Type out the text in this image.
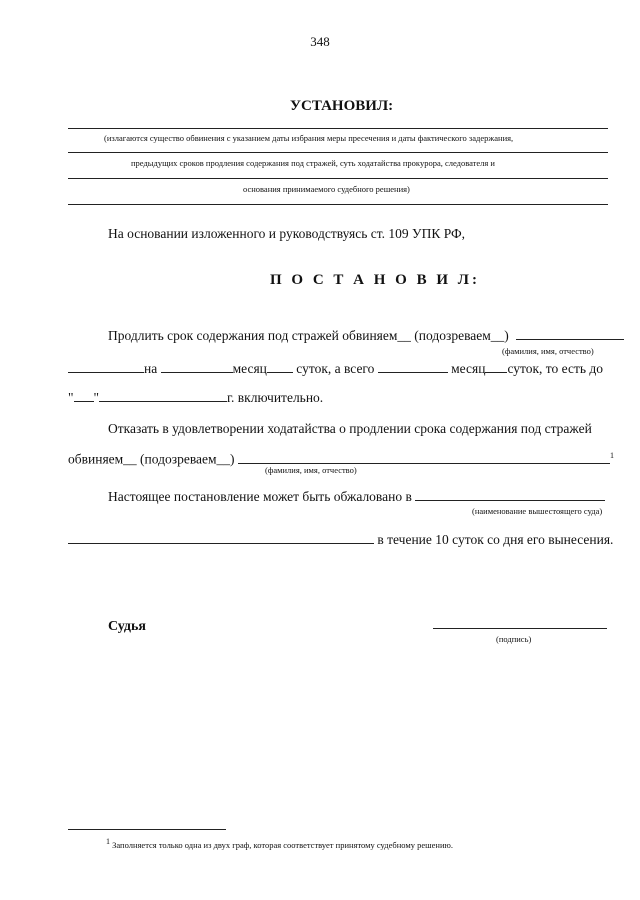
348
УСТАНОВИЛ:
(излагаются существо обвинения с указанием даты избрания меры пресечения и даты фактического задержания,
предыдущих сроков продления содержания под стражей, суть ходатайства прокурора, следователя и
основания принимаемого судебного решения)
На основании изложенного и руководствуясь ст. 109 УПК РФ,
П О С Т А Н О В И Л:
Продлить срок содержания под стражей обвиняем__ (подозреваем__)
(фамилия, имя, отчество)
на	месяц суток, а всего	месяц суток, то есть до
" "	г. включительно.
Отказать в удовлетворении ходатайства о продлении срока содержания под стражей
обвиняем__ (подозреваем__)	$^1$
(фамилия, имя, отчество)
Настоящее постановление может быть обжаловано в
(наименование вышестоящего суда)
в течение 10 суток со дня его вынесения.
Судья
(подпись)
1 Заполняется только одна из двух граф, которая соответствует принятому судебному решению.
